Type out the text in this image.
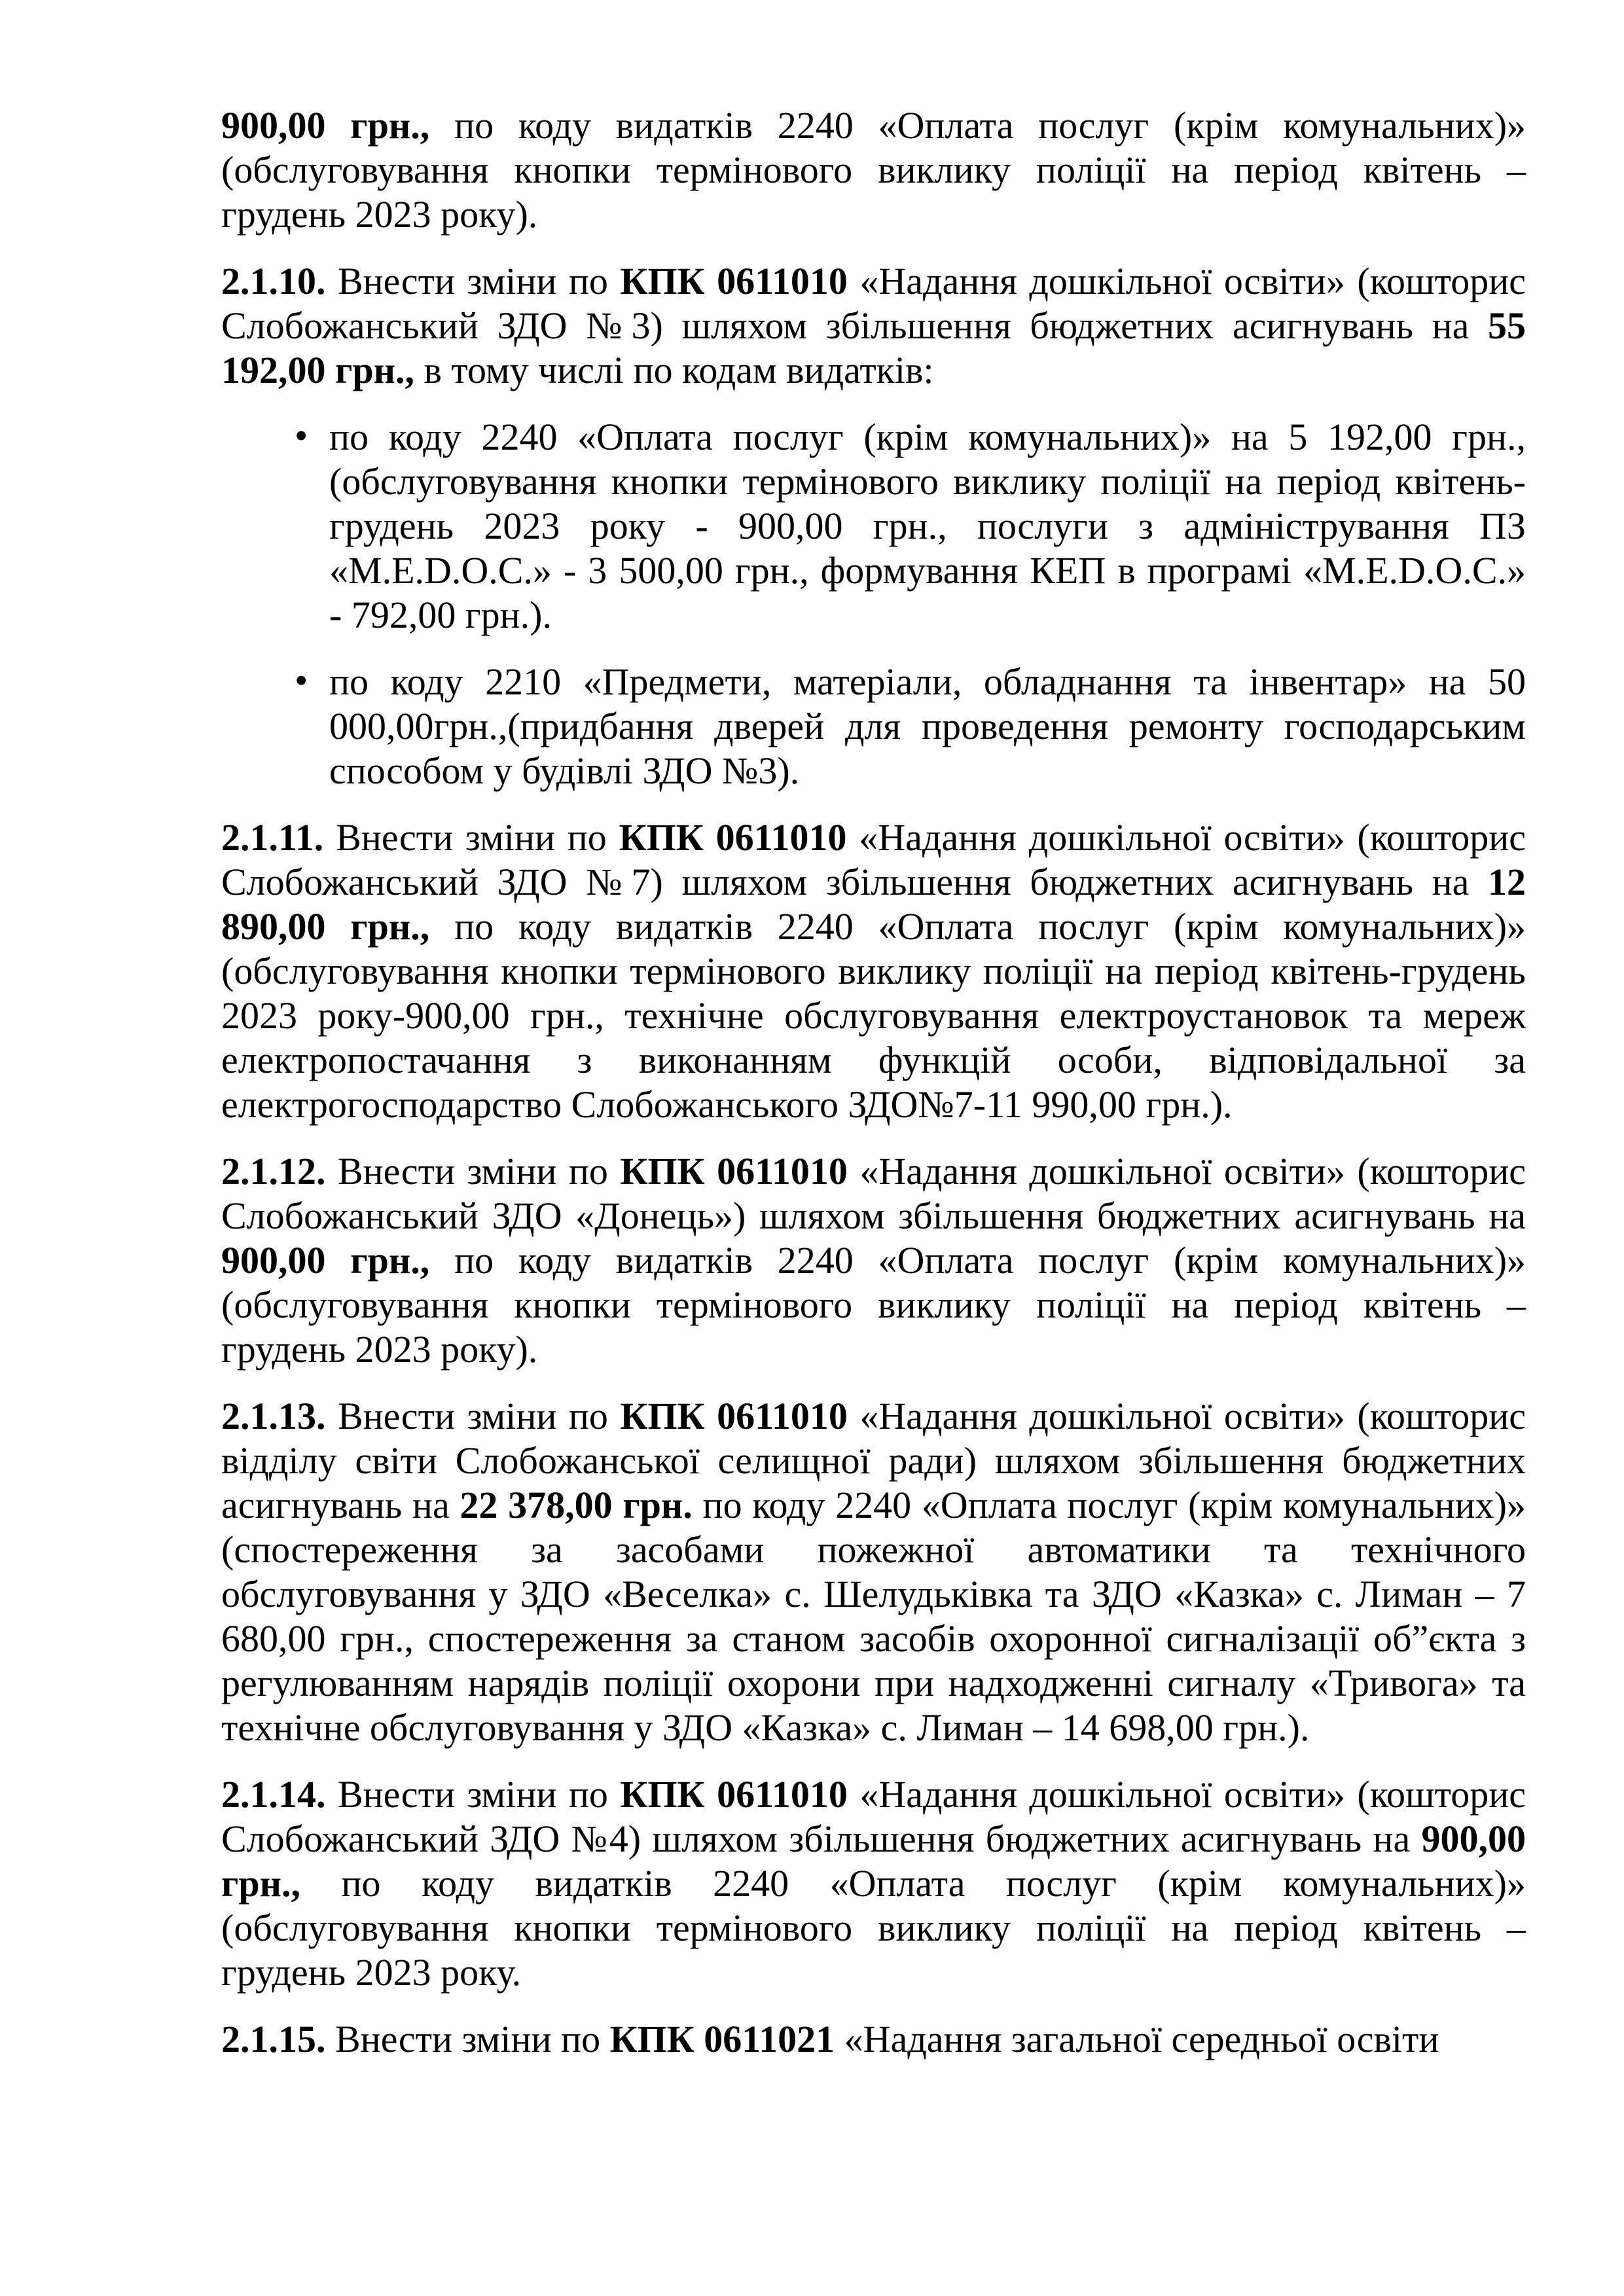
900,00 грн., по коду видатків 2240 «Оплата послуг (крім комунальних)» (обслуговування кнопки термінового виклику поліції на період квітень – грудень 2023 року).
2.1.10. Внести зміни по КПК 0611010 «Надання дошкільної освіти» (кошторис Слобожанський ЗДО №3) шляхом збільшення бюджетних асигнувань на 55 192,00 грн., в тому числі по кодам видатків:
• по коду 2240 «Оплата послуг (крім комунальних)» на 5 192,00 грн., (обслуговування кнопки термінового виклику поліції на період квітень-грудень 2023 року - 900,00 грн., послуги з адміністрування ПЗ «M.E.D.O.C.» - 3 500,00 грн., формування КЕП в програмі «M.E.D.O.C.» - 792,00 грн.).
• по коду 2210 «Предмети, матеріали, обладнання та інвентар» на 50 000,00грн.,(придбання дверей для проведення ремонту господарським способом у будівлі ЗДО №3).
2.1.11. Внести зміни по КПК 0611010 «Надання дошкільної освіти» (кошторис Слобожанський ЗДО №7) шляхом збільшення бюджетних асигнувань на 12 890,00 грн., по коду видатків 2240 «Оплата послуг (крім комунальних)» (обслуговування кнопки термінового виклику поліції на період квітень-грудень 2023 року-900,00 грн., технічне обслуговування електроустановок та мереж електропостачання з виконанням функцій особи, відповідальної за електрогосподарство Слобожанського ЗДО№7-11 990,00 грн.).
2.1.12. Внести зміни по КПК 0611010 «Надання дошкільної освіти» (кошторис Слобожанський ЗДО «Донець») шляхом збільшення бюджетних асигнувань на 900,00 грн., по коду видатків 2240 «Оплата послуг (крім комунальних)» (обслуговування кнопки термінового виклику поліції на період квітень – грудень 2023 року).
2.1.13. Внести зміни по КПК 0611010 «Надання дошкільної освіти» (кошторис відділу світи Слобожанської селищної ради) шляхом збільшення бюджетних асигнувань на 22 378,00 грн. по коду 2240 «Оплата послуг (крім комунальних)» (спостереження за засобами пожежної автоматики та технічного обслуговування у ЗДО «Веселка» с. Шелудьківка та ЗДО «Казка» с. Лиман – 7 680,00 грн., спостереження за станом засобів охоронної сигналізації об”єкта з регулюванням нарядів поліції охорони при надходженні сигналу «Тривога» та технічне обслуговування у ЗДО «Казка» с. Лиман – 14 698,00 грн.).
2.1.14. Внести зміни по КПК 0611010 «Надання дошкільної освіти» (кошторис Слобожанський ЗДО №4) шляхом збільшення бюджетних асигнувань на 900,00 грн., по коду видатків 2240 «Оплата послуг (крім комунальних)» (обслуговування кнопки термінового виклику поліції на період квітень – грудень 2023 року.
2.1.15. Внести зміни по КПК 0611021 «Надання загальної середньої освіти
